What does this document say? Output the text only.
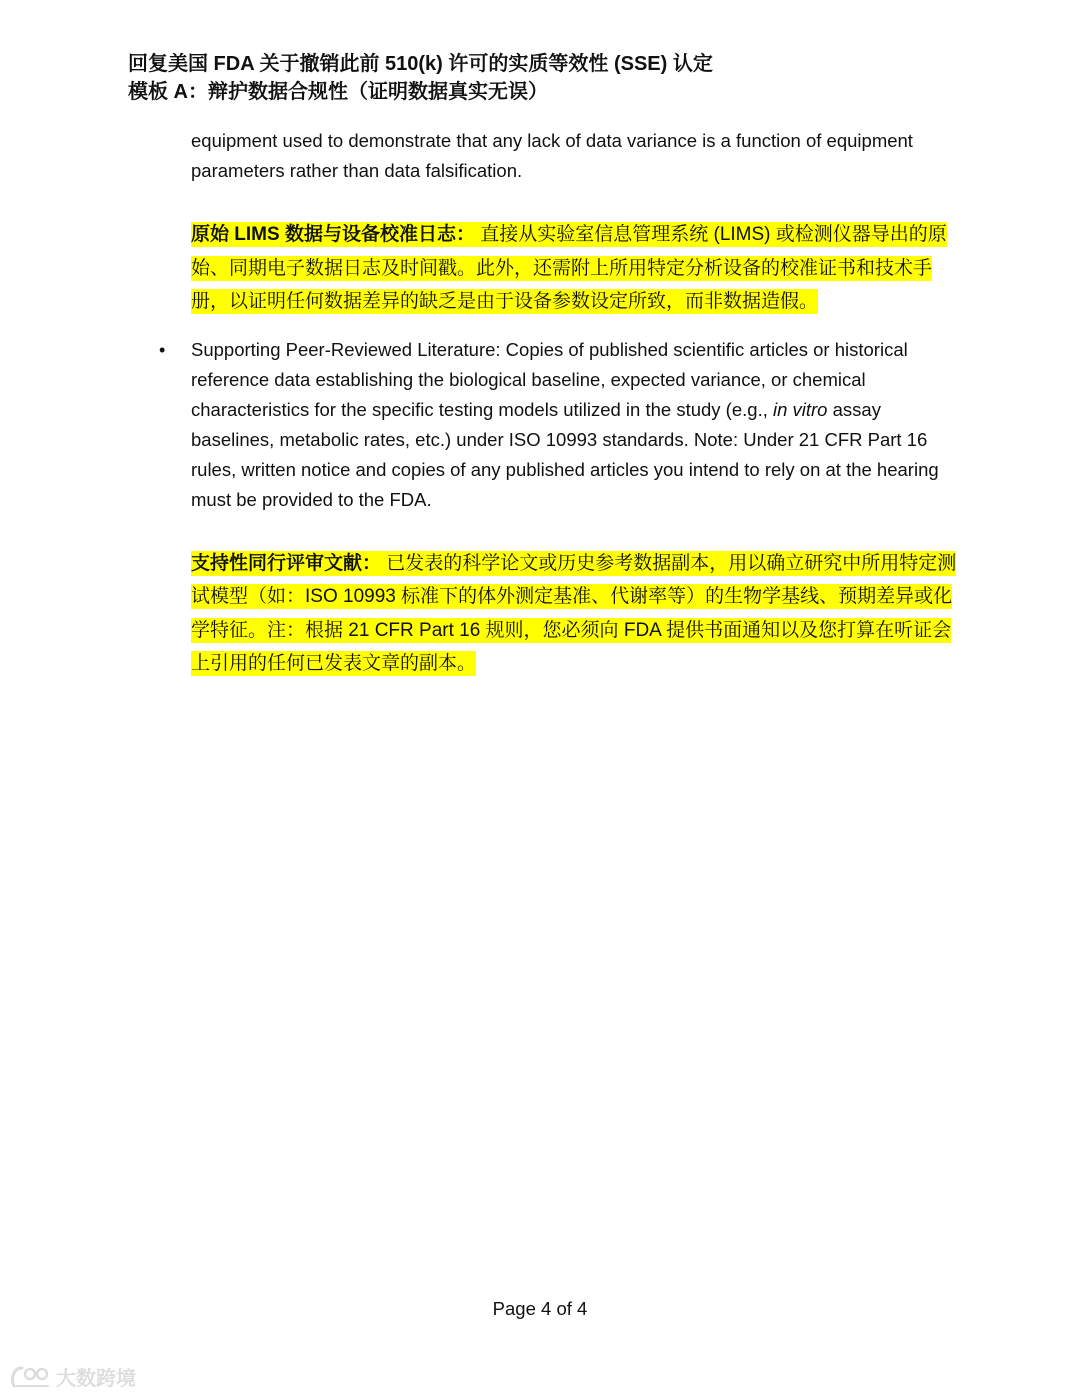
回复美国 FDA 关于撤销此前 510(k) 许可的实质等效性 (SSE) 认定
模板 A：辩护数据合规性（证明数据真实无误）

equipment used to demonstrate that any lack of data variance is a function of equipment parameters rather than data falsification.

原始 LIMS 数据与设备校准日志： 直接从实验室信息管理系统 (LIMS) 或检测仪器导出的原始、同期电子数据日志及时间戳。此外，还需附上所用特定分析设备的校准证书和技术手册，以证明任何数据差异的缺乏是由于设备参数设定所致，而非数据造假。

• Supporting Peer-Reviewed Literature: Copies of published scientific articles or historical reference data establishing the biological baseline, expected variance, or chemical characteristics for the specific testing models utilized in the study (e.g., in vitro assay baselines, metabolic rates, etc.) under ISO 10993 standards. Note: Under 21 CFR Part 16 rules, written notice and copies of any published articles you intend to rely on at the hearing must be provided to the FDA.

支持性同行评审文献： 已发表的科学论文或历史参考数据副本，用以确立研究中所用特定测试模型（如：ISO 10993 标准下的体外测定基准、代谢率等）的生物学基线、预期差异或化学特征。注：根据 21 CFR Part 16 规则，您必须向 FDA 提供书面通知以及您打算在听证会上引用的任何已发表文章的副本。

Page 4 of 4
大数跨境
